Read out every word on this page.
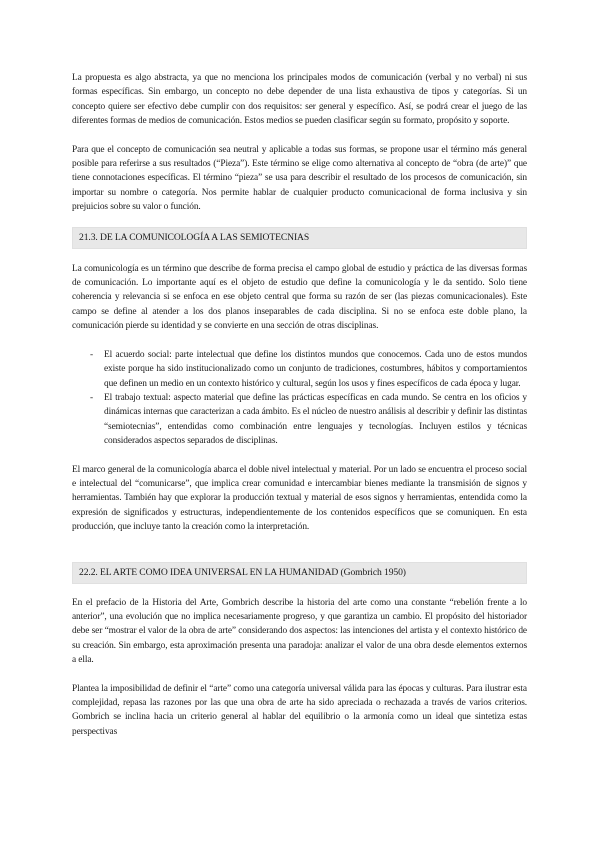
La propuesta es algo abstracta, ya que no menciona los principales modos de comunicación (verbal y no verbal) ni sus formas específicas. Sin embargo, un concepto no debe depender de una lista exhaustiva de tipos y categorías. Si un concepto quiere ser efectivo debe cumplir con dos requisitos: ser general y específico. Así, se podrá crear el juego de las diferentes formas de medios de comunicación. Estos medios se pueden clasificar según su formato, propósito y soporte.

Para que el concepto de comunicación sea neutral y aplicable a todas sus formas, se propone usar el término más general posible para referirse a sus resultados (“Pieza”). Este término se elige como alternativa al concepto de “obra (de arte)” que tiene connotaciones específicas. El término “pieza” se usa para describir el resultado de los procesos de comunicación, sin importar su nombre o categoría. Nos permite hablar de cualquier producto comunicacional de forma inclusiva y sin prejuicios sobre su valor o función.

21.3. DE LA COMUNICOLOGÍA A LAS SEMIOTECNIAS

La comunicología es un término que describe de forma precisa el campo global de estudio y práctica de las diversas formas de comunicación. Lo importante aquí es el objeto de estudio que define la comunicología y le da sentido. Solo tiene coherencia y relevancia si se enfoca en ese objeto central que forma su razón de ser (las piezas comunicacionales). Este campo se define al atender a los dos planos inseparables de cada disciplina. Si no se enfoca este doble plano, la comunicación pierde su identidad y se convierte en una sección de otras disciplinas.

- El acuerdo social: parte intelectual que define los distintos mundos que conocemos. Cada uno de estos mundos existe porque ha sido institucionalizado como un conjunto de tradiciones, costumbres, hábitos y comportamientos que definen un medio en un contexto histórico y cultural, según los usos y fines específicos de cada época y lugar.
- El trabajo textual: aspecto material que define las prácticas específicas en cada mundo. Se centra en los oficios y dinámicas internas que caracterizan a cada ámbito. Es el núcleo de nuestro análisis al describir y definir las distintas “semiotecnias”, entendidas como combinación entre lenguajes y tecnologías. Incluyen estilos y técnicas considerados aspectos separados de disciplinas.

El marco general de la comunicología abarca el doble nivel intelectual y material. Por un lado se encuentra el proceso social e intelectual del “comunicarse”, que implica crear comunidad e intercambiar bienes mediante la transmisión de signos y herramientas. También hay que explorar la producción textual y material de esos signos y herramientas, entendida como la expresión de significados y estructuras, independientemente de los contenidos específicos que se comuniquen. En esta producción, que incluye tanto la creación como la interpretación.

22.2. EL ARTE COMO IDEA UNIVERSAL EN LA HUMANIDAD (Gombrich 1950)

En el prefacio de la Historia del Arte, Gombrich describe la historia del arte como una constante “rebelión frente a lo anterior”, una evolución que no implica necesariamente progreso, y que garantiza un cambio. El propósito del historiador debe ser “mostrar el valor de la obra de arte” considerando dos aspectos: las intenciones del artista y el contexto histórico de su creación. Sin embargo, esta aproximación presenta una paradoja: analizar el valor de una obra desde elementos externos a ella.

Plantea la imposibilidad de definir el “arte” como una categoría universal válida para las épocas y culturas. Para ilustrar esta complejidad, repasa las razones por las que una obra de arte ha sido apreciada o rechazada a través de varios criterios. Gombrich se inclina hacia un criterio general al hablar del equilibrio o la armonía como un ideal que sintetiza estas perspectivas
